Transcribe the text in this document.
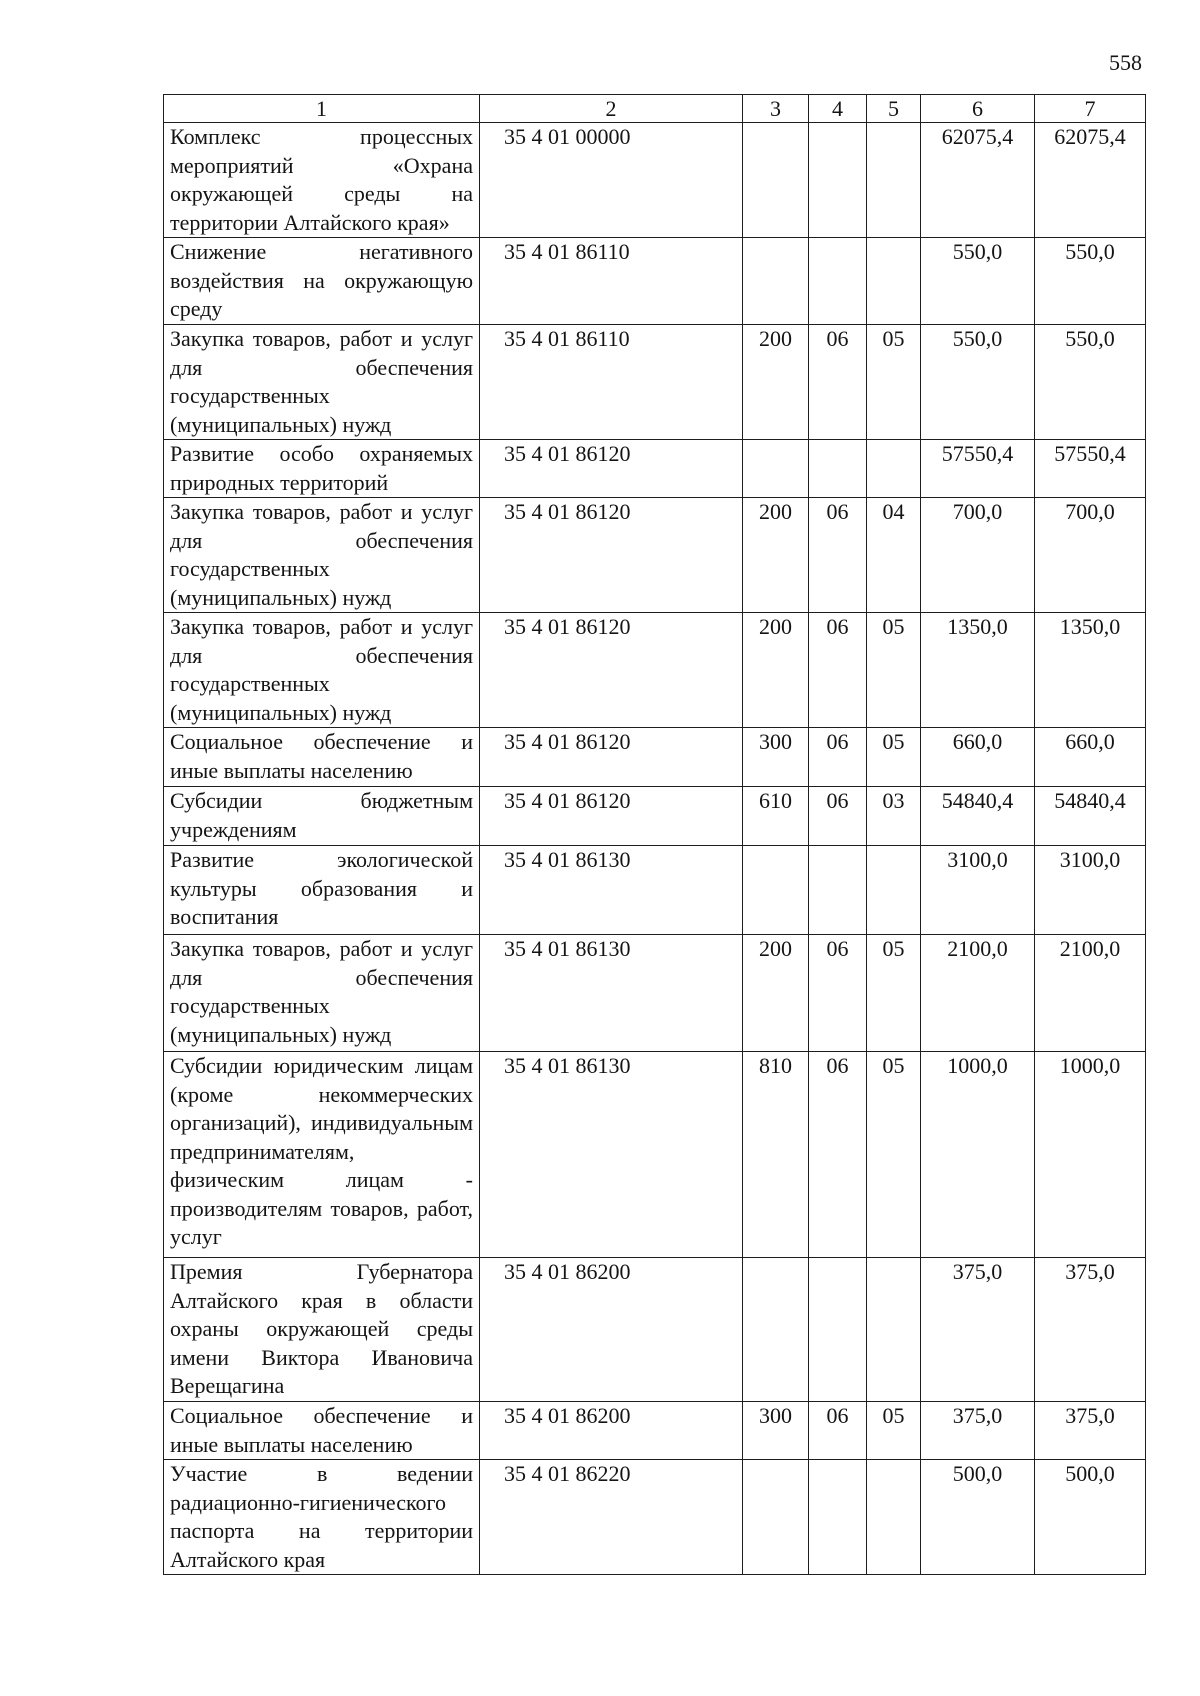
558
1	2	3	4	5	6	7
Комплекс процессных мероприятий «Охрана окружающей среды на территории Алтайского края»	35 4 01 00000				62075,4	62075,4
Снижение негативного воздействия на окружающую среду	35 4 01 86110				550,0	550,0
Закупка товаров, работ и услуг для обеспечения государственных (муниципальных) нужд	35 4 01 86110	200	06	05	550,0	550,0
Развитие особо охраняемых природных территорий	35 4 01 86120				57550,4	57550,4
Закупка товаров, работ и услуг для обеспечения государственных (муниципальных) нужд	35 4 01 86120	200	06	04	700,0	700,0
Закупка товаров, работ и услуг для обеспечения государственных (муниципальных) нужд	35 4 01 86120	200	06	05	1350,0	1350,0
Социальное обеспечение и иные выплаты населению	35 4 01 86120	300	06	05	660,0	660,0
Субсидии бюджетным учреждениям	35 4 01 86120	610	06	03	54840,4	54840,4
Развитие экологической культуры образования и воспитания	35 4 01 86130				3100,0	3100,0
Закупка товаров, работ и услуг для обеспечения государственных (муниципальных) нужд	35 4 01 86130	200	06	05	2100,0	2100,0
Субсидии юридическим лицам (кроме некоммерческих организаций), индивидуальным предпринимателям, физическим лицам - производителям товаров, работ, услуг	35 4 01 86130	810	06	05	1000,0	1000,0
Премия Губернатора Алтайского края в области охраны окружающей среды имени Виктора Ивановича Верещагина	35 4 01 86200				375,0	375,0
Социальное обеспечение и иные выплаты населению	35 4 01 86200	300	06	05	375,0	375,0
Участие в ведении радиационно-гигиенического паспорта на территории Алтайского края	35 4 01 86220				500,0	500,0
